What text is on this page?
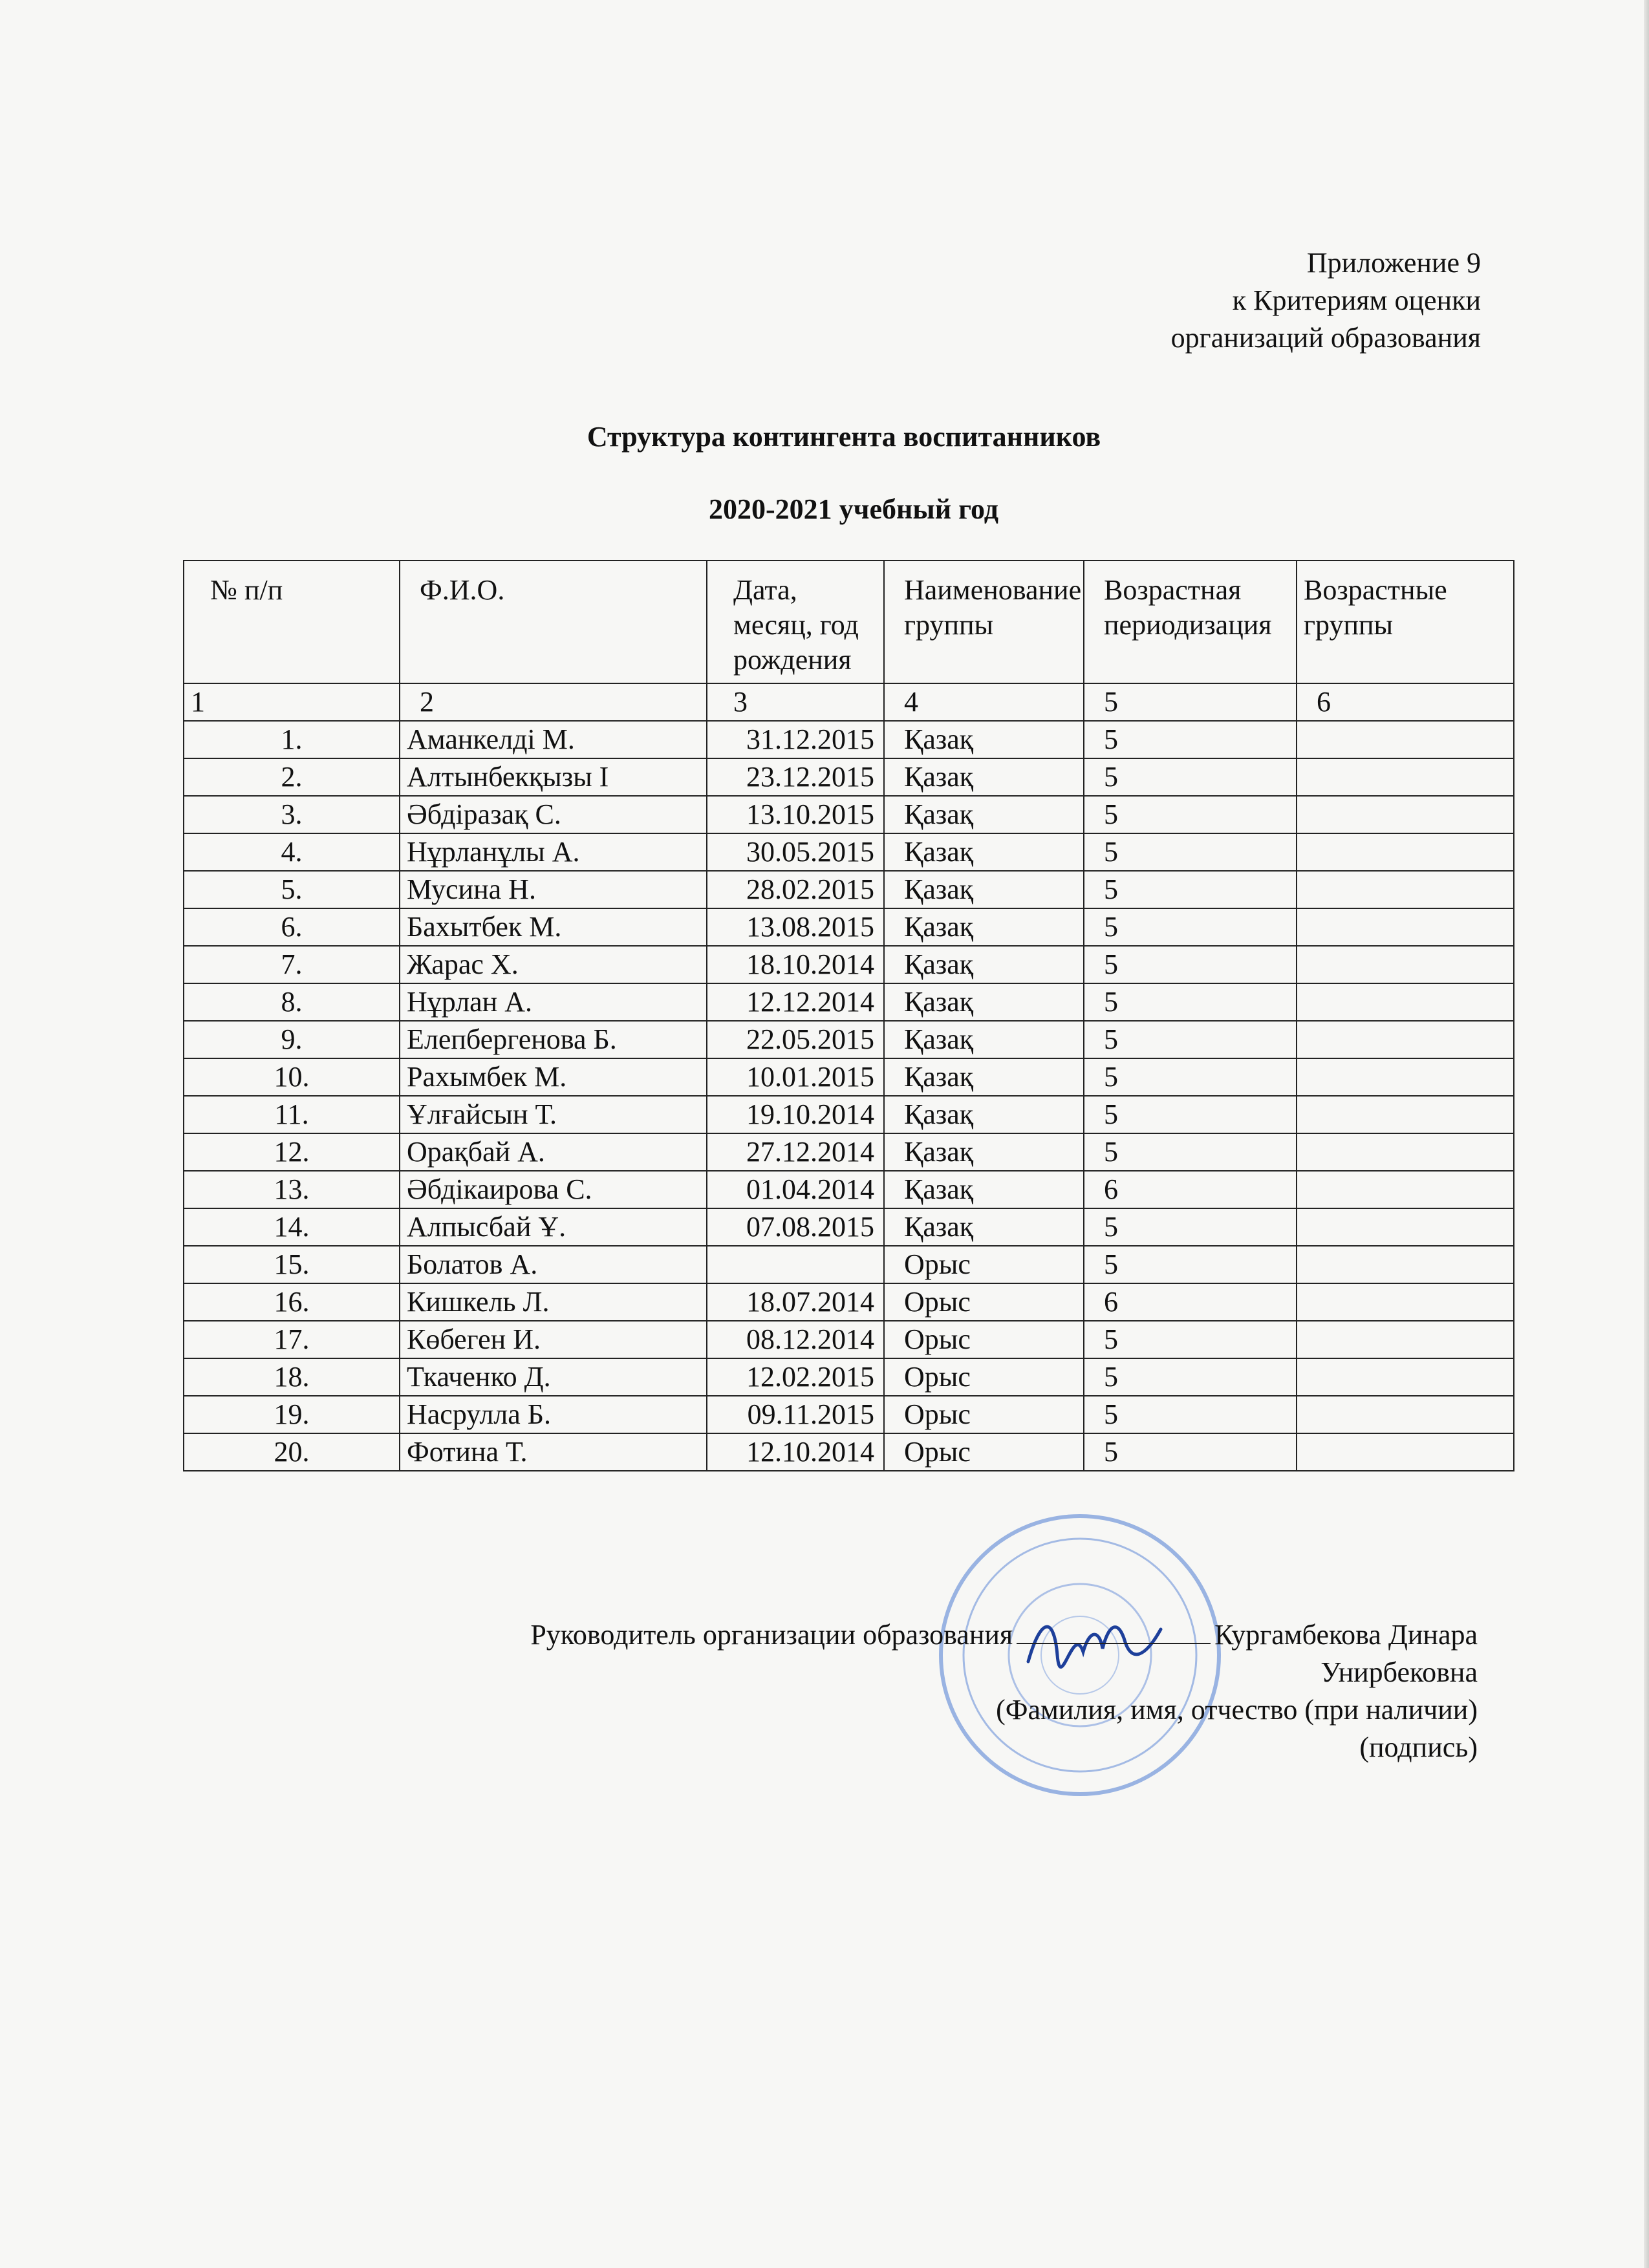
Приложение 9
к Критериям оценки
организаций образования
Структура контингента воспитанников
2020-2021 учебный год
№ п/п	Ф.И.О.	Дата, месяц, год рождения	Наименование группы	Возрастная периодизация	Возрастные группы
1	2	3	4	5	6
1.	Аманкелді М.	31.12.2015	Қазақ	5	
2.	Алтынбекқызы І	23.12.2015	Қазақ	5	
3.	Әбдіразақ С.	13.10.2015	Қазақ	5	
4.	Нұрланұлы А.	30.05.2015	Қазақ	5	
5.	Мусина Н.	28.02.2015	Қазақ	5	
6.	Бахытбек М.	13.08.2015	Қазақ	5	
7.	Жарас Х.	18.10.2014	Қазақ	5	
8.	Нұрлан А.	12.12.2014	Қазақ	5	
9.	Елепбергенова Б.	22.05.2015	Қазақ	5	
10.	Рахымбек М.	10.01.2015	Қазақ	5	
11.	Ұлғайсын Т.	19.10.2014	Қазақ	5	
12.	Орақбай А.	27.12.2014	Қазақ	5	
13.	Әбдікаирова С.	01.04.2014	Қазақ	6	
14.	Алпысбай Ұ.	07.08.2015	Қазақ	5	
15.	Болатов А.		Орыс	5	
16.	Кишкель Л.	18.07.2014	Орыс	6	
17.	Көбеген И.	08.12.2014	Орыс	5	
18.	Ткаченко Д.	12.02.2015	Орыс	5	
19.	Насрулла Б.	09.11.2015	Орыс	5	
20.	Фотина Т.	12.10.2014	Орыс	5	
Руководитель организации образования	Кургамбекова Динара
Унирбековна
(Фамилия, имя, отчество (при наличии)
(подпись)
